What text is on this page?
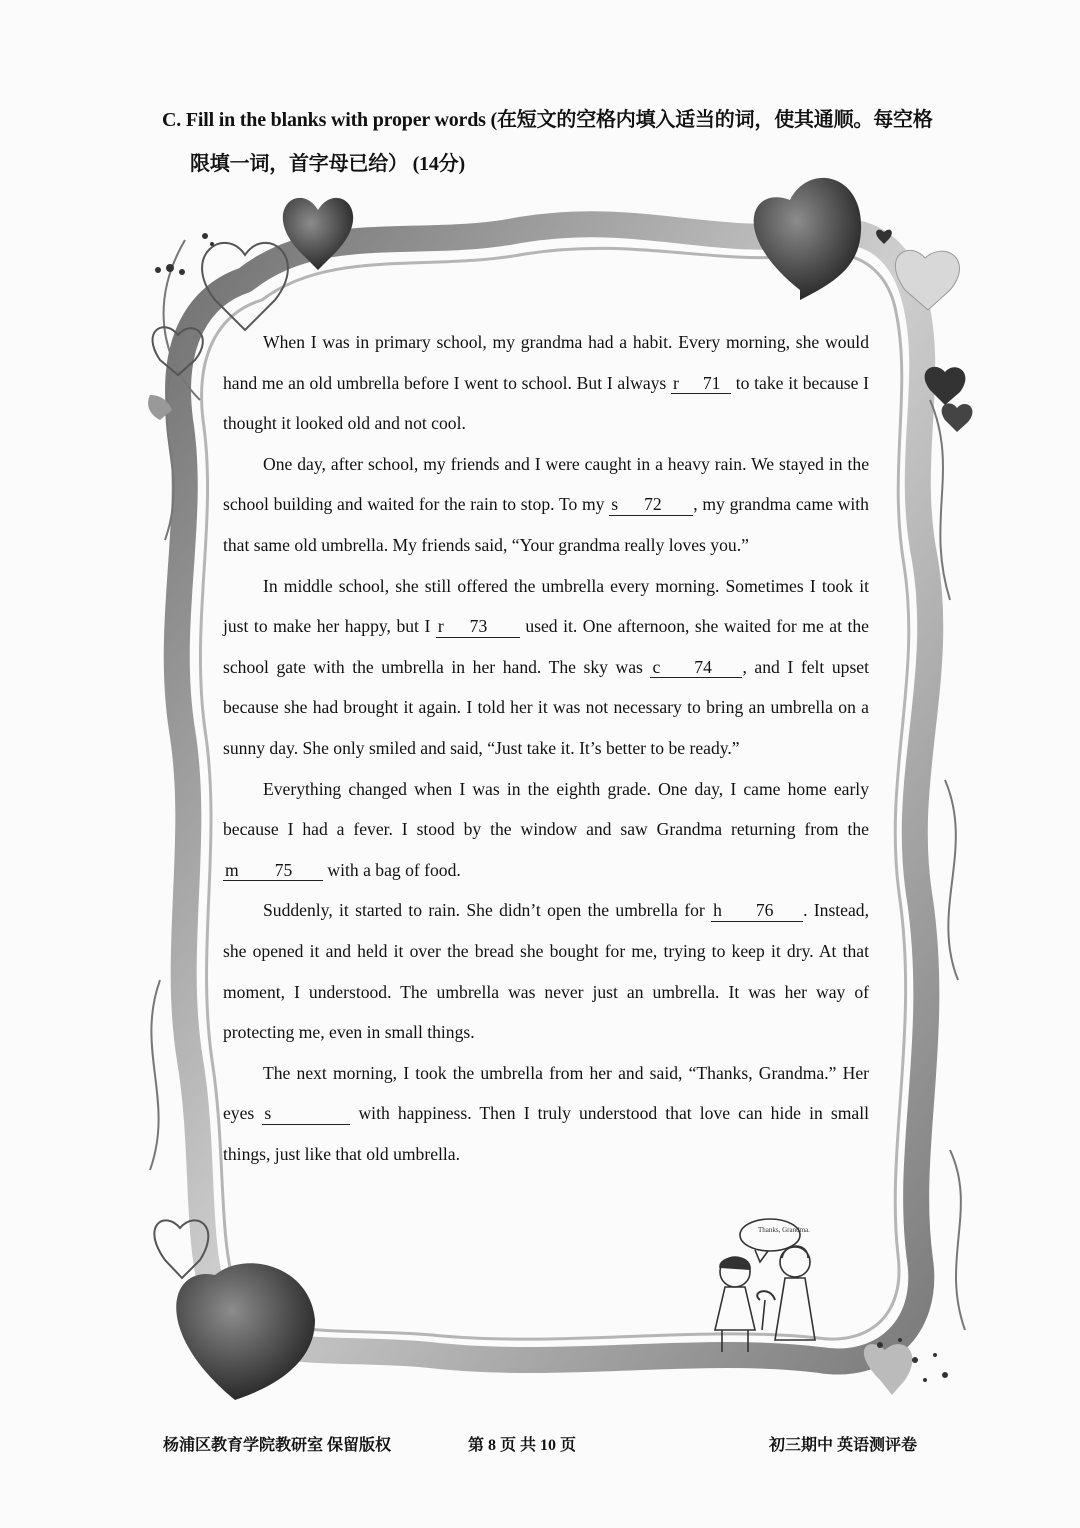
C. Fill in the blanks with proper words (在短文的空格内填入适当的词，使其通顺。每空格
限填一词，首字母已给） (14分)
Thanks, Grandma.

When I was in primary school, my grandma had a habit. Every morning, she would hand me an old umbrella before I went to school. But I always r 71 to take it because I thought it looked old and not cool.

One day, after school, my friends and I were caught in a heavy rain. We stayed in the school building and waited for the rain to stop. To my s 72 , my grandma came with that same old umbrella. My friends said, “Your grandma really loves you.”

In middle school, she still offered the umbrella every morning. Sometimes I took it just to make her happy, but I r 73 used it. One afternoon, she waited for me at the school gate with the umbrella in her hand. The sky was c 74 , and I felt upset because she had brought it again. I told her it was not necessary to bring an umbrella on a sunny day. She only smiled and said, “Just take it. It’s better to be ready.”

Everything changed when I was in the eighth grade. One day, I came home early because I had a fever. I stood by the window and saw Grandma returning from the m 75 with a bag of food.

Suddenly, it started to rain. She didn’t open the umbrella for h 76 . Instead, she opened it and held it over the bread she bought for me, trying to keep it dry. At that moment, I understood. The umbrella was never just an umbrella. It was her way of protecting me, even in small things.

The next morning, I took the umbrella from her and said, “Thanks, Grandma.” Her eyes s	with happiness. Then I truly understood that love can hide in small things, just like that old umbrella.

杨浦区教育学院教研室 保留版权	第 8 页 共 10 页	初三期中 英语测评卷
